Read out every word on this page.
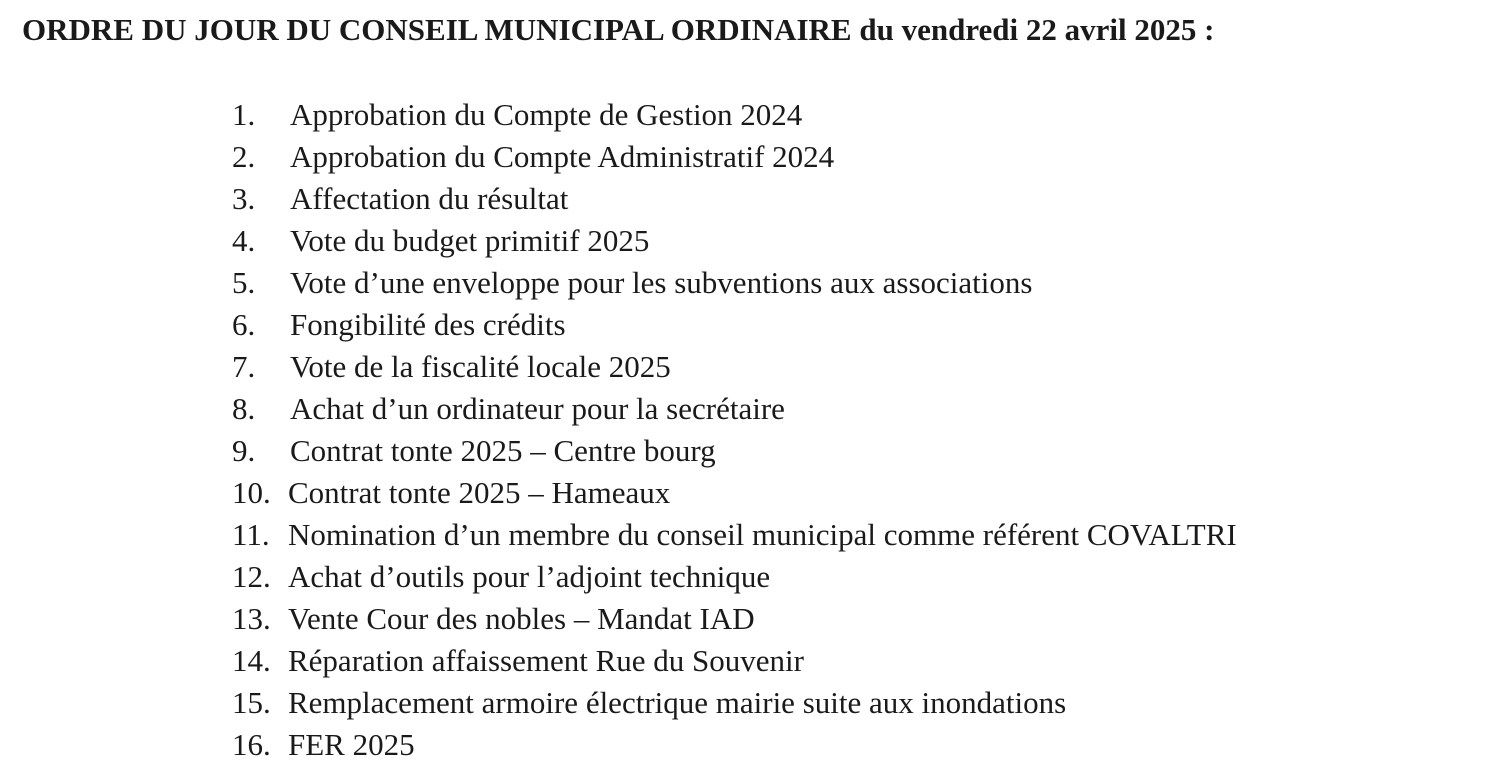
ORDRE DU JOUR DU CONSEIL MUNICIPAL ORDINAIRE du vendredi 22 avril 2025 :
1.	Approbation du Compte de Gestion 2024
2.	Approbation du Compte Administratif 2024
3.	Affectation du résultat
4.	Vote du budget primitif 2025
5.	Vote d’une enveloppe pour les subventions aux associations
6.	Fongibilité des crédits
7.	Vote de la fiscalité locale 2025
8.	Achat d’un ordinateur pour la secrétaire
9.	Contrat tonte 2025 – Centre bourg
10. Contrat tonte 2025 – Hameaux
11. Nomination d’un membre du conseil municipal comme référent COVALTRI
12. Achat d’outils pour l’adjoint technique
13. Vente Cour des nobles – Mandat IAD
14. Réparation affaissement Rue du Souvenir
15. Remplacement armoire électrique mairie suite aux inondations
16. FER 2025
